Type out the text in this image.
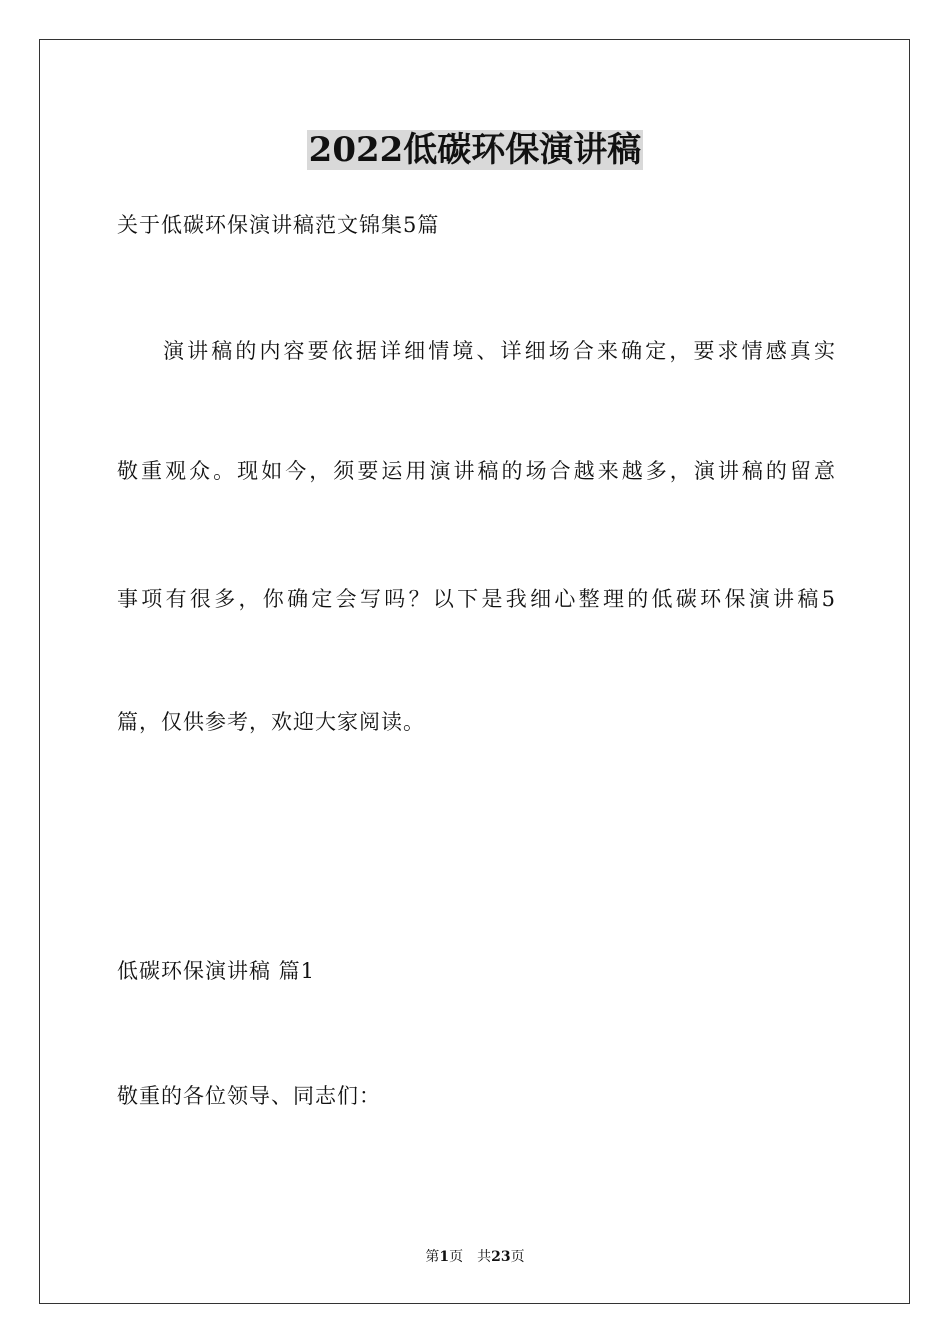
2022低碳环保演讲稿
关于低碳环保演讲稿范文锦集5篇
演讲稿的内容要依据详细情境、详细场合来确定，要求情感真实
敬重观众。现如今，须要运用演讲稿的场合越来越多，演讲稿的留意
事项有很多，你确定会写吗？以下是我细心整理的低碳环保演讲稿5
篇，仅供参考，欢迎大家阅读。
低碳环保演讲稿 篇1
敬重的各位领导、同志们：
第1页 共23页
